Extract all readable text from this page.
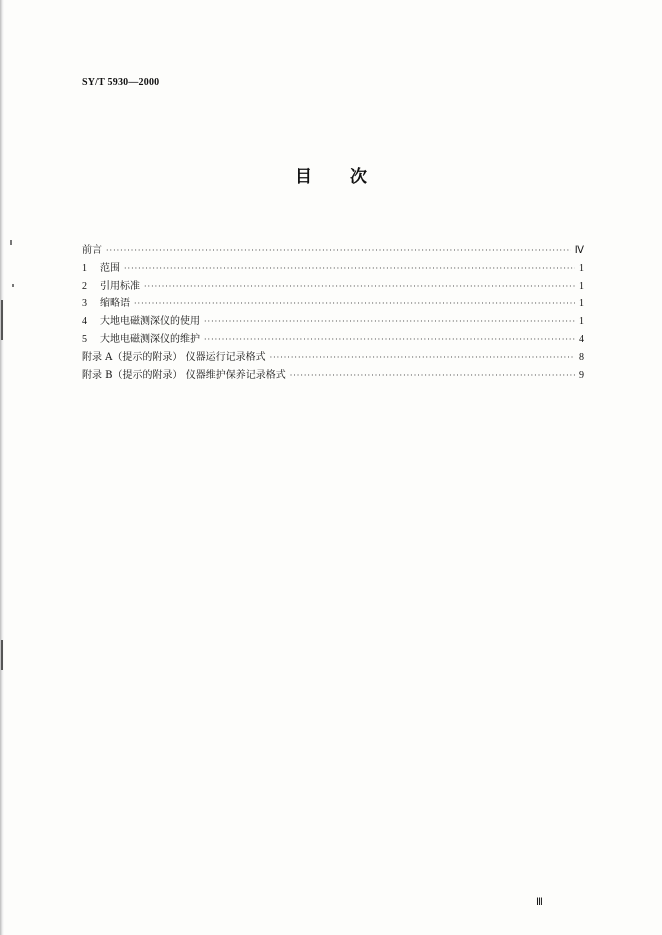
SY/T 5930—2000
目 次
前言 ·····	Ⅳ
1	范围 ·····	1
2	引用标准 ·····	1
3	缩略语 ·····	1
4	大地电磁测深仪的使用 ·····	1
5	大地电磁测深仪的维护 ·····	4
附录 A（提示的附录） 仪器运行记录格式 ·····	8
附录 B（提示的附录） 仪器维护保养记录格式 ·····	9
Ⅲ
